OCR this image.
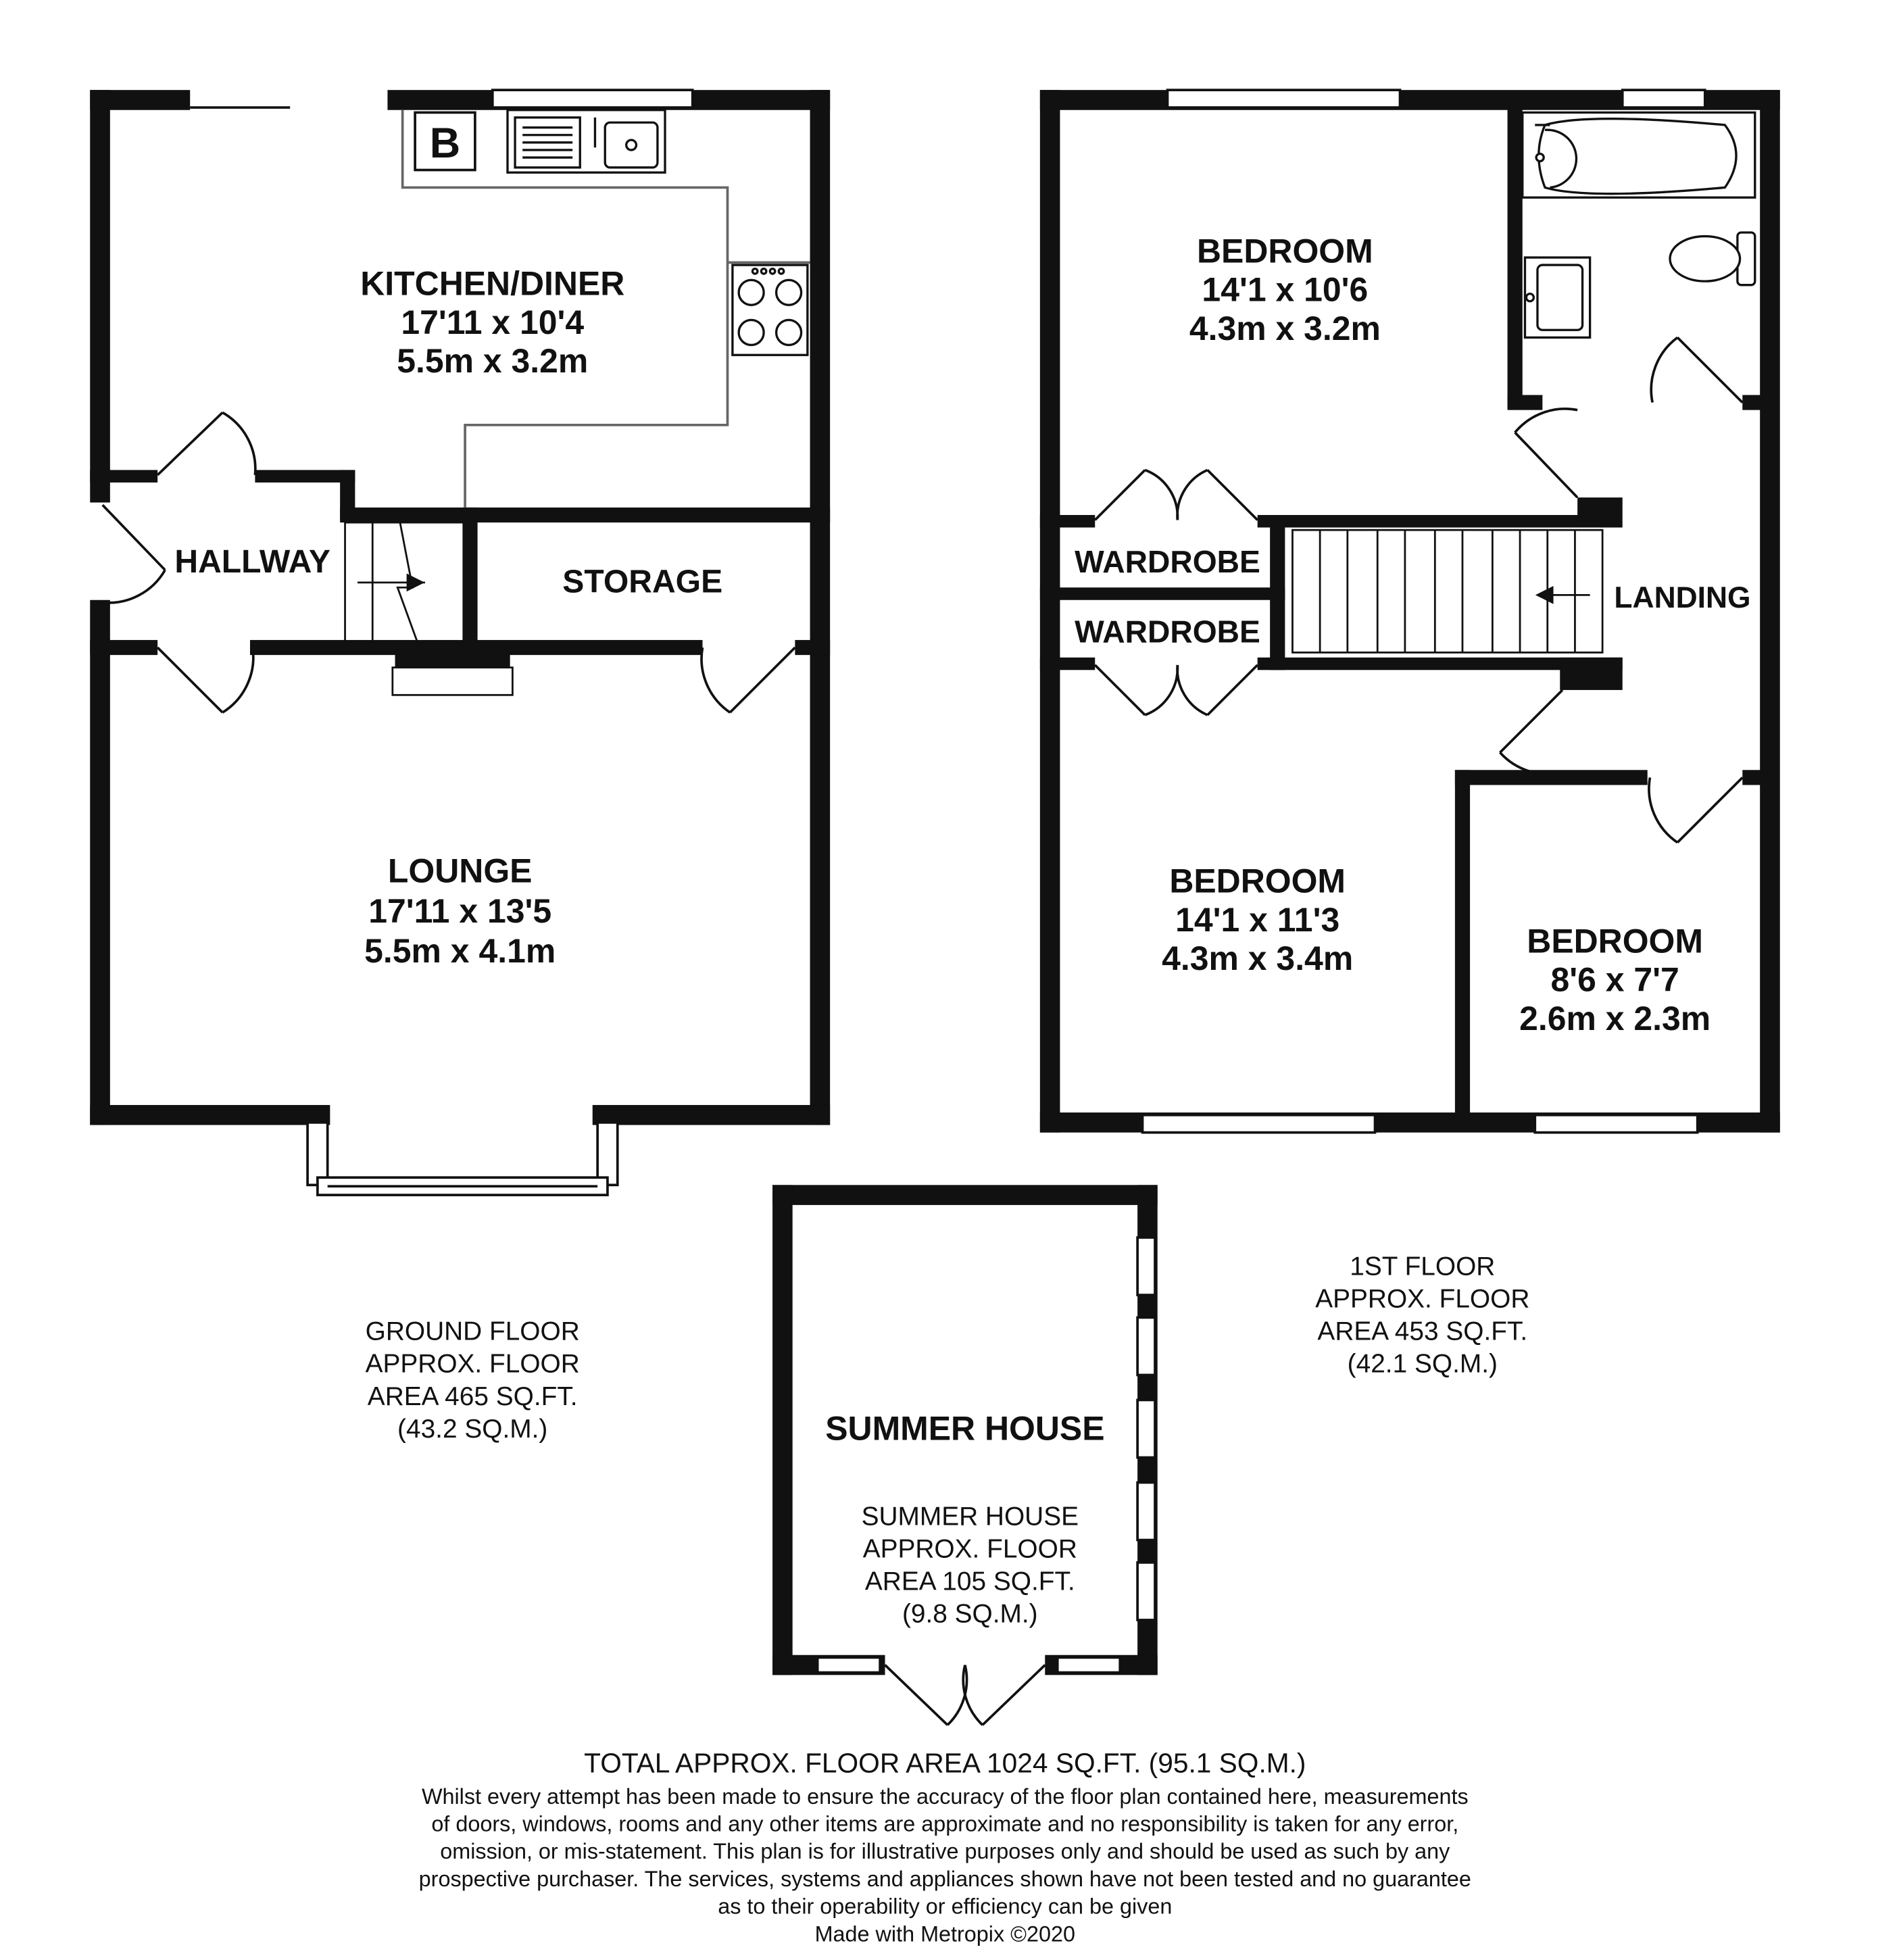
B
KITCHEN/DINER
17'11 x 10'4
5.5m x 3.2m
HALLWAY
STORAGE
LOUNGE
17'11 x 13'5
5.5m x 4.1m
GROUND FLOOR
APPROX. FLOOR
AREA 465 SQ.FT.
(43.2 SQ.M.)
BEDROOM
14'1 x 10'6
4.3m x 3.2m
WARDROBE
WARDROBE
LANDING
BEDROOM
14'1 x 11'3
4.3m x 3.4m	BEDROOM
8'6 x 7'7
2.6m x 2.3m
1ST FLOOR
APPROX. FLOOR
AREA 453 SQ.FT.
(42.1 SQ.M.)
SUMMER HOUSE
SUMMER HOUSE
APPROX. FLOOR
AREA 105 SQ.FT.
(9.8 SQ.M.)
TOTAL APPROX. FLOOR AREA 1024 SQ.FT. (95.1 SQ.M.)
Whilst every attempt has been made to ensure the accuracy of the floor plan contained here, measurements
of doors, windows, rooms and any other items are approximate and no responsibility is taken for any error,
omission, or mis-statement. This plan is for illustrative purposes only and should be used as such by any
prospective purchaser. The services, systems and appliances shown have not been tested and no guarantee
as to their operability or efficiency can be given
Made with Metropix ©2020
